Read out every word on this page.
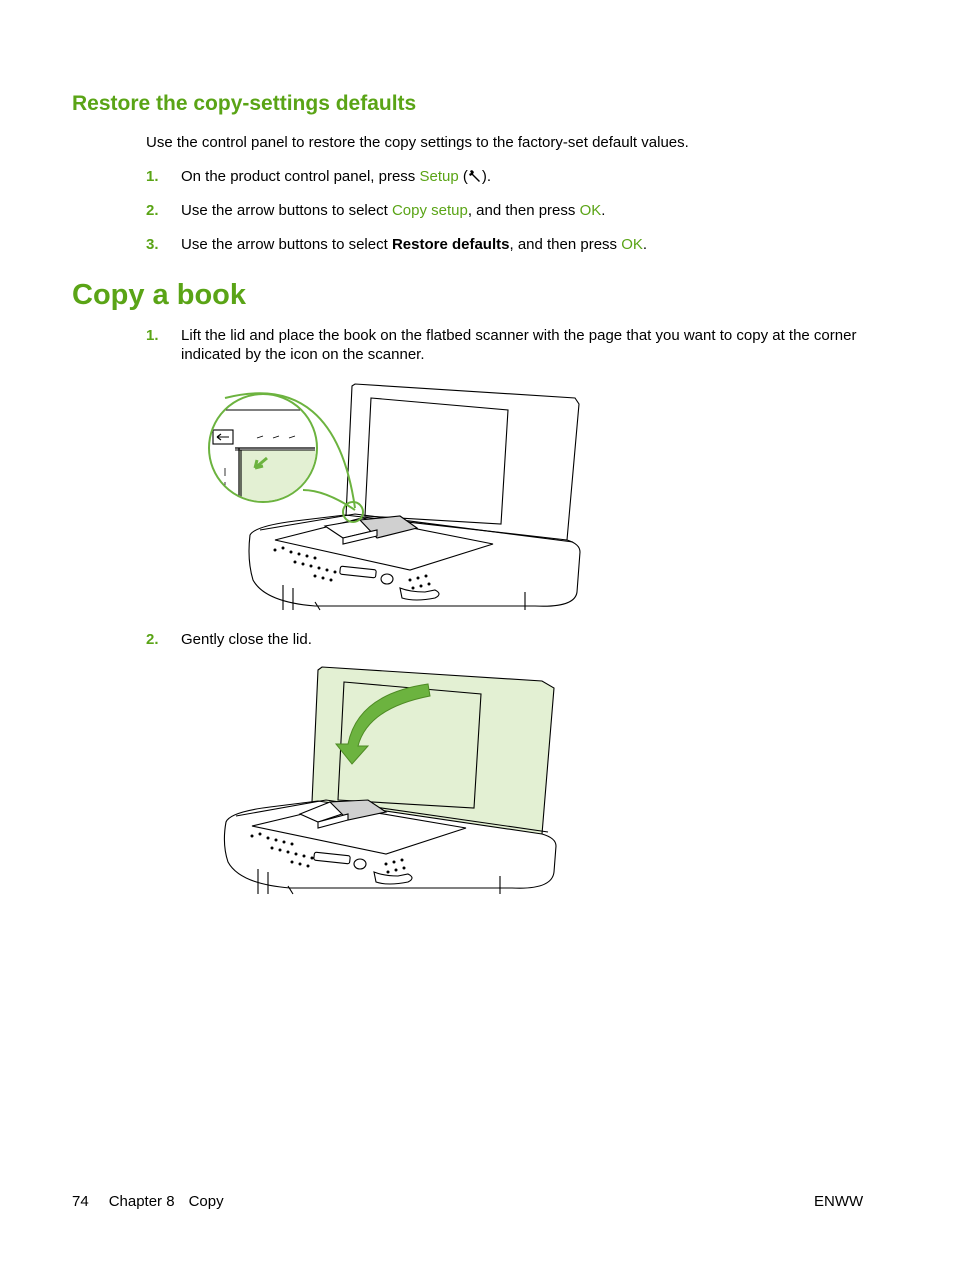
Restore the copy-settings defaults
Use the control panel to restore the copy settings to the factory-set default values.
1. On the product control panel, press Setup ( ).
2. Use the arrow buttons to select Copy setup, and then press OK.
3. Use the arrow buttons to select Restore defaults, and then press OK.
Copy a book
1. Lift the lid and place the book on the flatbed scanner with the page that you want to copy at the corner indicated by the icon on the scanner.
2. Gently close the lid.
74 Chapter 8 Copy	ENWW
